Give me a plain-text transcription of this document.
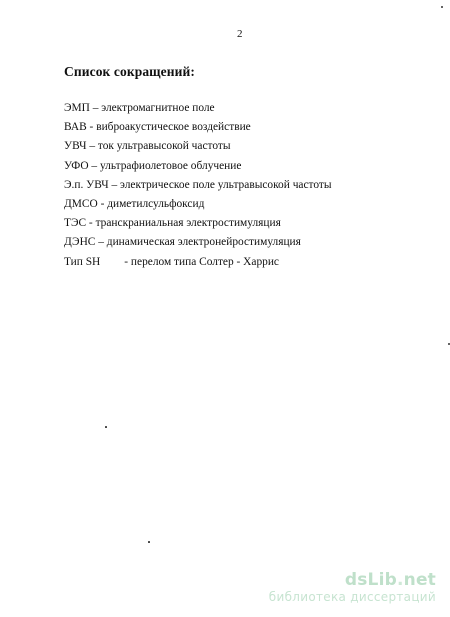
2
Список сокращений:
ЭМП – электромагнитное поле
ВАВ - виброакустическое воздействие
УВЧ – ток ультравысокой частоты
УФО – ультрафиолетовое облучение
Э.п. УВЧ – электрическое поле ультравысокой частоты
ДМСО - диметилсульфоксид
ТЭС - транскраниальная электростимуляция
ДЭНС – динамическая электронейростимуляция
Тип SH - перелом типа Солтер - Харрис
dsLib.net
библиотека диссертаций
